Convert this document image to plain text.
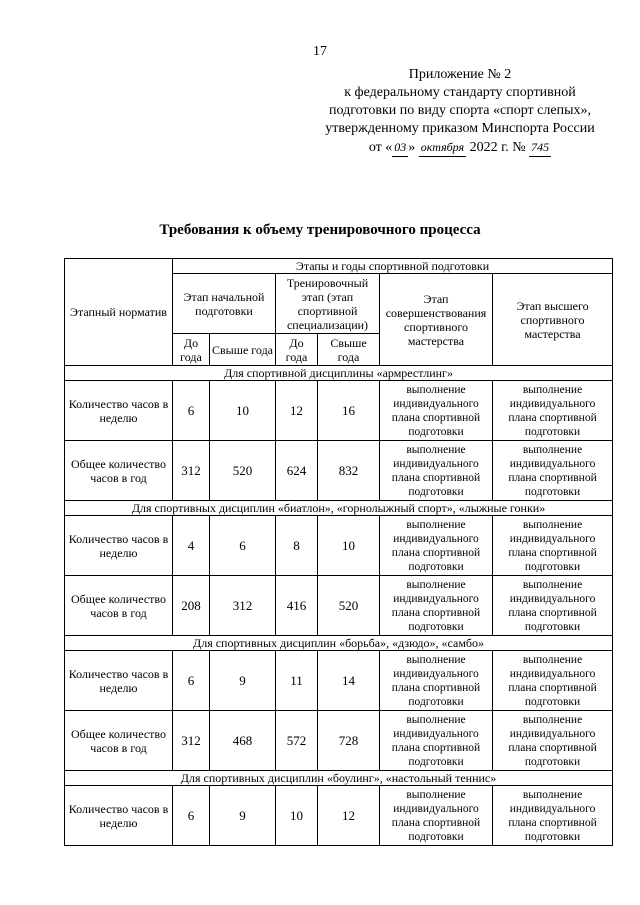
17
Приложение № 2
к федеральному стандарту спортивной
подготовки по виду спорта «спорт слепых»,
утвержденному приказом Минспорта России
от « 03 » октября 2022 г. № 745
Требования к объему тренировочного процесса
Этапный норматив	Этапы и годы спортивной подготовки					
	Этап начальной подготовки		Тренировочный этап (этап спортивной специализации)		Этап совершенствования спортивного мастерства	Этап высшего спортивного мастерства
	До года	Свыше года	До года	Свыше года		
Для спортивной дисциплины «армрестлинг»						
Количество часов в неделю	6	10	12	16	выполнение индивидуального плана спортивной подготовки	выполнение индивидуального плана спортивной подготовки
Общее количество часов в год	312	520	624	832	выполнение индивидуального плана спортивной подготовки	выполнение индивидуального плана спортивной подготовки
Для спортивных дисциплин «биатлон», «горнолыжный спорт», «лыжные гонки»						
Количество часов в неделю	4	6	8	10	выполнение индивидуального плана спортивной подготовки	выполнение индивидуального плана спортивной подготовки
Общее количество часов в год	208	312	416	520	выполнение индивидуального плана спортивной подготовки	выполнение индивидуального плана спортивной подготовки
Для спортивных дисциплин «борьба», «дзюдо», «самбо»						
Количество часов в неделю	6	9	11	14	выполнение индивидуального плана спортивной подготовки	выполнение индивидуального плана спортивной подготовки
Общее количество часов в год	312	468	572	728	выполнение индивидуального плана спортивной подготовки	выполнение индивидуального плана спортивной подготовки
Для спортивных дисциплин «боулинг», «настольный теннис»						
Количество часов в неделю	6	9	10	12	выполнение индивидуального плана спортивной подготовки	выполнение индивидуального плана спортивной подготовки
